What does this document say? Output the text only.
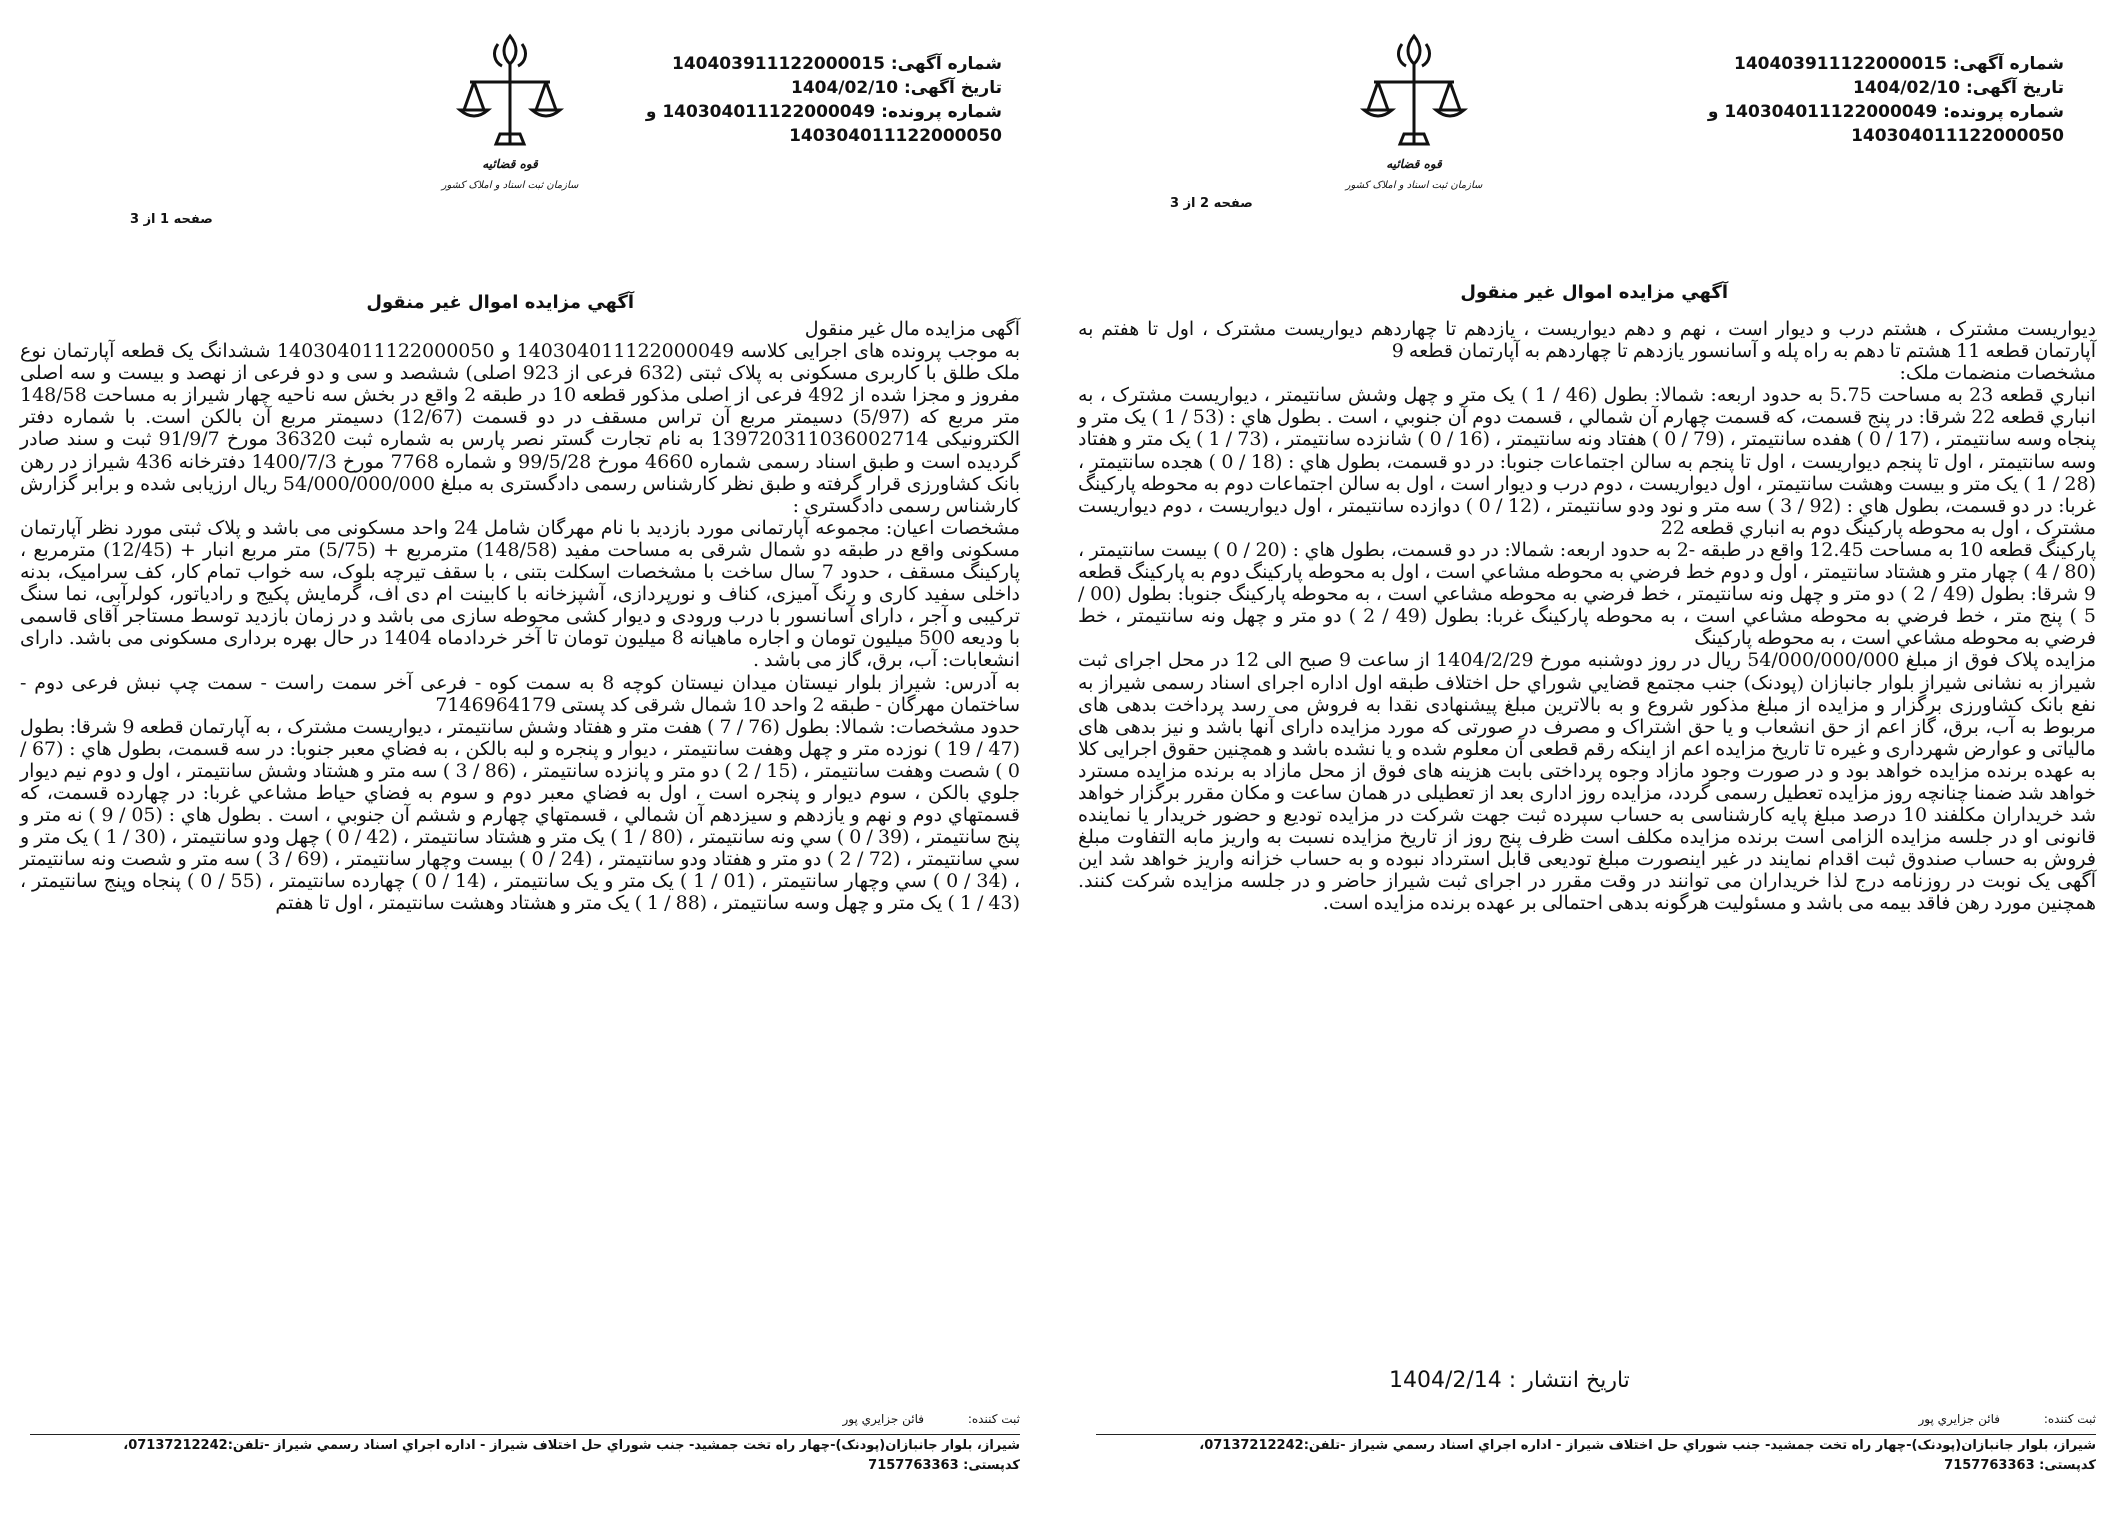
شماره آگهی: 140403911122000015
تاریخ آگهی: 1404/02/10
شماره پرونده: 140304011122000049 و
140304011122000050
قوه قضائیه
سازمان ثبت اسناد و املاک کشور
صفحه 2 از 3
آگهي مزايده اموال غير منقول

ديواريست مشترک ، هشتم درب و ديوار است ، نهم و دهم ديواريست ، يازدهم تا چهاردهم ديواريست مشترک ، اول تا هفتم به آپارتمان قطعه 11 هشتم تا دهم به راه پله و آسانسور يازدهم تا چهاردهم به آپارتمان قطعه 9

مشخصات منضمات ملک:

انباري قطعه 23 به مساحت 5.75 به حدود اربعه: شمالا: بطول (46 / 1 ) يک متر و چهل وشش سانتيمتر ، ديواريست مشترک ، به انباري قطعه 22 شرقا: در پنج قسمت، که قسمت چهارم آن شمالي ، قسمت دوم آن جنوبي ، است . بطول هاي : (53 / 1 ) يک متر و پنجاه وسه سانتيمتر ، (17 / 0 ) هفده سانتيمتر ، (79 / 0 ) هفتاد ونه سانتيمتر ، (16 / 0 ) شانزده سانتيمتر ، (73 / 1 ) يک متر و هفتاد وسه سانتيمتر ، اول تا پنجم ديواريست ، اول تا پنجم به سالن اجتماعات جنوبا: در دو قسمت، بطول هاي : (18 / 0 ) هجده سانتيمتر ، (28 / 1 ) يک متر و بيست وهشت سانتيمتر ، اول ديواريست ، دوم درب و ديوار است ، اول به سالن اجتماعات دوم به محوطه پارکينگ غربا: در دو قسمت، بطول هاي : (92 / 3 ) سه متر و نود ودو سانتيمتر ، (12 / 0 ) دوازده سانتيمتر ، اول ديواريست ، دوم ديواريست مشترک ، اول به محوطه پارکينگ دوم به انباري قطعه 22

پارکينگ قطعه 10 به مساحت 12.45 واقع در طبقه -2 به حدود اربعه: شمالا: در دو قسمت، بطول هاي : (20 / 0 ) بيست سانتيمتر ، (80 / 4 ) چهار متر و هشتاد سانتيمتر ، اول و دوم خط فرضي به محوطه مشاعي است ، اول به محوطه پارکينگ دوم به پارکينگ قطعه 9 شرقا: بطول (49 / 2 ) دو متر و چهل ونه سانتيمتر ، خط فرضي به محوطه مشاعي است ، به محوطه پارکينگ جنوبا: بطول (00 / 5 ) پنج متر ، خط فرضي به محوطه مشاعي است ، به محوطه پارکينگ غربا: بطول (49 / 2 ) دو متر و چهل ونه سانتيمتر ، خط فرضي به محوطه مشاعي است ، به محوطه پارکينگ

مزايده پلاک فوق از مبلغ 54/000/000/000 ريال در روز دوشنبه مورخ 1404/2/29 از ساعت 9 صبح الی 12 در محل اجرای ثبت شیراز به نشانی شيراز بلوار جانبازان (پودنک) جنب مجتمع قضايي شوراي حل اختلاف طبقه اول اداره اجرای اسناد رسمی شیراز به نفع بانک کشاورزی برگزار و مزایده از مبلغ مذکور شروع و به بالاترین مبلغ پیشنهادی نقدا به فروش می رسد پرداخت بدهی های مربوط به آب، برق، گاز اعم از حق انشعاب و یا حق اشتراک و مصرف در صورتی که مورد مزایده دارای آنها باشد و نیز بدهی های مالیاتی و عوارض شهرداری و غیره تا تاریخ مزایده اعم از اینکه رقم قطعی آن معلوم شده و یا نشده باشد و همچنین حقوق اجرایی کلا به عهده برنده مزایده خواهد بود و در صورت وجود مازاد وجوه پرداختی بابت هزینه های فوق از محل مازاد به برنده مزایده مسترد خواهد شد ضمنا چنانچه روز مزایده تعطیل رسمی گردد، مزایده روز اداری بعد از تعطیلی در همان ساعت و مکان مقرر برگزار خواهد شد خریداران مکلفند 10 درصد مبلغ پایه کارشناسی به حساب سپرده ثبت جهت شرکت در مزایده تودیع و حضور خریدار یا نماینده قانونی او در جلسه مزایده الزامی است برنده مزایده مکلف است ظرف پنج روز از تاریخ مزایده نسبت به واریز مابه التفاوت مبلغ فروش به حساب صندوق ثبت اقدام نمایند در غیر اینصورت مبلغ تودیعی قابل استرداد نبوده و به حساب خزانه واریز خواهد شد این آگهی یک نوبت در روزنامه درج لذا خریداران می توانند در وقت مقرر در اجرای ثبت شیراز حاضر و در جلسه مزایده شرکت کنند. همچنین مورد رهن فاقد بیمه می باشد و مسئولیت هرگونه بدهی احتمالی بر عهده برنده مزایده است.

تاریخ انتشار : 1404/2/14
ثبت کننده: فائن جزايري پور
شيراز، بلوار جانبازان(پودنک)-چهار راه تخت جمشيد- جنب شوراي حل اختلاف شيراز - اداره اجراي اسناد رسمي شيراز -تلفن:07137212242،
کدپستی: 7157763363
شماره آگهی: 140403911122000015
تاریخ آگهی: 1404/02/10
شماره پرونده: 140304011122000049 و
140304011122000050
قوه قضائیه
سازمان ثبت اسناد و املاک کشور
صفحه 1 از 3
آگهي مزايده اموال غير منقول

آگهی مزایده مال غیر منقول

به موجب پرونده های اجرایی کلاسه 140304011122000049 و 140304011122000050 ششدانگ یک قطعه آپارتمان نوع ملک طلق با کاربری مسکونی به پلاک ثبتی (632 فرعی از 923 اصلی) ششصد و سی و دو فرعی از نهصد و بیست و سه اصلی مفروز و مجزا شده از 492 فرعی از اصلی مذکور قطعه 10 در طبقه 2 واقع در بخش سه ناحیه چهار شیراز به مساحت 148/58 متر مربع که (5/97) دسیمتر مربع آن تراس مسقف در دو قسمت (12/67) دسیمتر مربع آن بالکن است. با شماره دفتر الکترونیکی 139720311036002714 به نام تجارت گستر نصر پارس به شماره ثبت 36320 مورخ 91/9/7 ثبت و سند صادر گردیده است و طبق اسناد رسمی شماره 4660 مورخ 99/5/28 و شماره 7768 مورخ 1400/7/3 دفترخانه 436 شیراز در رهن بانک کشاورزی قرار گرفته و طبق نظر کارشناس رسمی دادگستری به مبلغ 54/000/000/000 ریال ارزیابی شده و برابر گزارش کارشناس رسمی دادگستری :

مشخصات اعیان: مجموعه آپارتمانی مورد بازدید با نام مهرگان شامل 24 واحد مسکونی می باشد و پلاک ثبتی مورد نظر آپارتمان مسکونی واقع در طبقه دو شمال شرقی به مساحت مفید (148/58) مترمربع + (5/75) متر مربع انبار + (12/45) مترمربع ، پارکینگ مسقف ، حدود 7 سال ساخت با مشخصات اسکلت بتنی ، با سقف تیرچه بلوک، سه خواب تمام کار، کف سرامیک، بدنه داخلی سفید کاری و رنگ آمیزی، کناف و نورپردازی، آشپزخانه با کابینت ام دی اف، گرمایش پکیج و رادیاتور، کولرآبی، نما سنگ ترکیبی و آجر ، دارای آسانسور با درب ورودی و دیوار کشی محوطه سازی می باشد و در زمان بازدید توسط مستاجر آقای قاسمی با ودیعه 500 میلیون تومان و اجاره ماهیانه 8 میلیون تومان تا آخر خردادماه 1404 در حال بهره برداری مسکونی می باشد. دارای انشعابات: آب، برق، گاز می باشد .

به آدرس: شیراز بلوار نیستان میدان نیستان کوچه 8 به سمت کوه - فرعی آخر سمت راست - سمت چپ نبش فرعی دوم - ساختمان مهرگان - طبقه 2 واحد 10 شمال شرقی کد پستی 7146964179

حدود مشخصات: شمالا: بطول (76 / 7 ) هفت متر و هفتاد وشش سانتيمتر ، ديواريست مشترک ، به آپارتمان قطعه 9 شرقا: بطول (47 / 19 ) نوزده متر و چهل وهفت سانتيمتر ، ديوار و پنجره و لبه بالکن ، به فضاي معبر جنوبا: در سه قسمت، بطول هاي : (67 / 0 ) شصت وهفت سانتيمتر ، (15 / 2 ) دو متر و پانزده سانتيمتر ، (86 / 3 ) سه متر و هشتاد وشش سانتيمتر ، اول و دوم نيم ديوار جلوي بالکن ، سوم ديوار و پنجره است ، اول به فضاي معبر دوم و سوم به فضاي حياط مشاعي غربا: در چهارده قسمت، که قسمتهاي دوم و نهم و يازدهم و سيزدهم آن شمالي ، قسمتهاي چهارم و ششم آن جنوبي ، است . بطول هاي : (05 / 9 ) نه متر و پنج سانتيمتر ، (39 / 0 ) سي ونه سانتيمتر ، (80 / 1 ) يک متر و هشتاد سانتيمتر ، (42 / 0 ) چهل ودو سانتيمتر ، (30 / 1 ) يک متر و سي سانتيمتر ، (72 / 2 ) دو متر و هفتاد ودو سانتيمتر ، (24 / 0 ) بيست وچهار سانتيمتر ، (69 / 3 ) سه متر و شصت ونه سانتيمتر ، (34 / 0 ) سي وچهار سانتيمتر ، (01 / 1 ) يک متر و يک سانتيمتر ، (14 / 0 ) چهارده سانتيمتر ، (55 / 0 ) پنجاه وپنج سانتيمتر ، (43 / 1 ) يک متر و چهل وسه سانتيمتر ، (88 / 1 ) يک متر و هشتاد وهشت سانتيمتر ، اول تا هفتم

ثبت کننده: فائن جزايري پور
شيراز، بلوار جانبازان(پودنک)-چهار راه تخت جمشيد- جنب شوراي حل اختلاف شيراز - اداره اجراي اسناد رسمي شيراز -تلفن:07137212242،
کدپستی: 7157763363
